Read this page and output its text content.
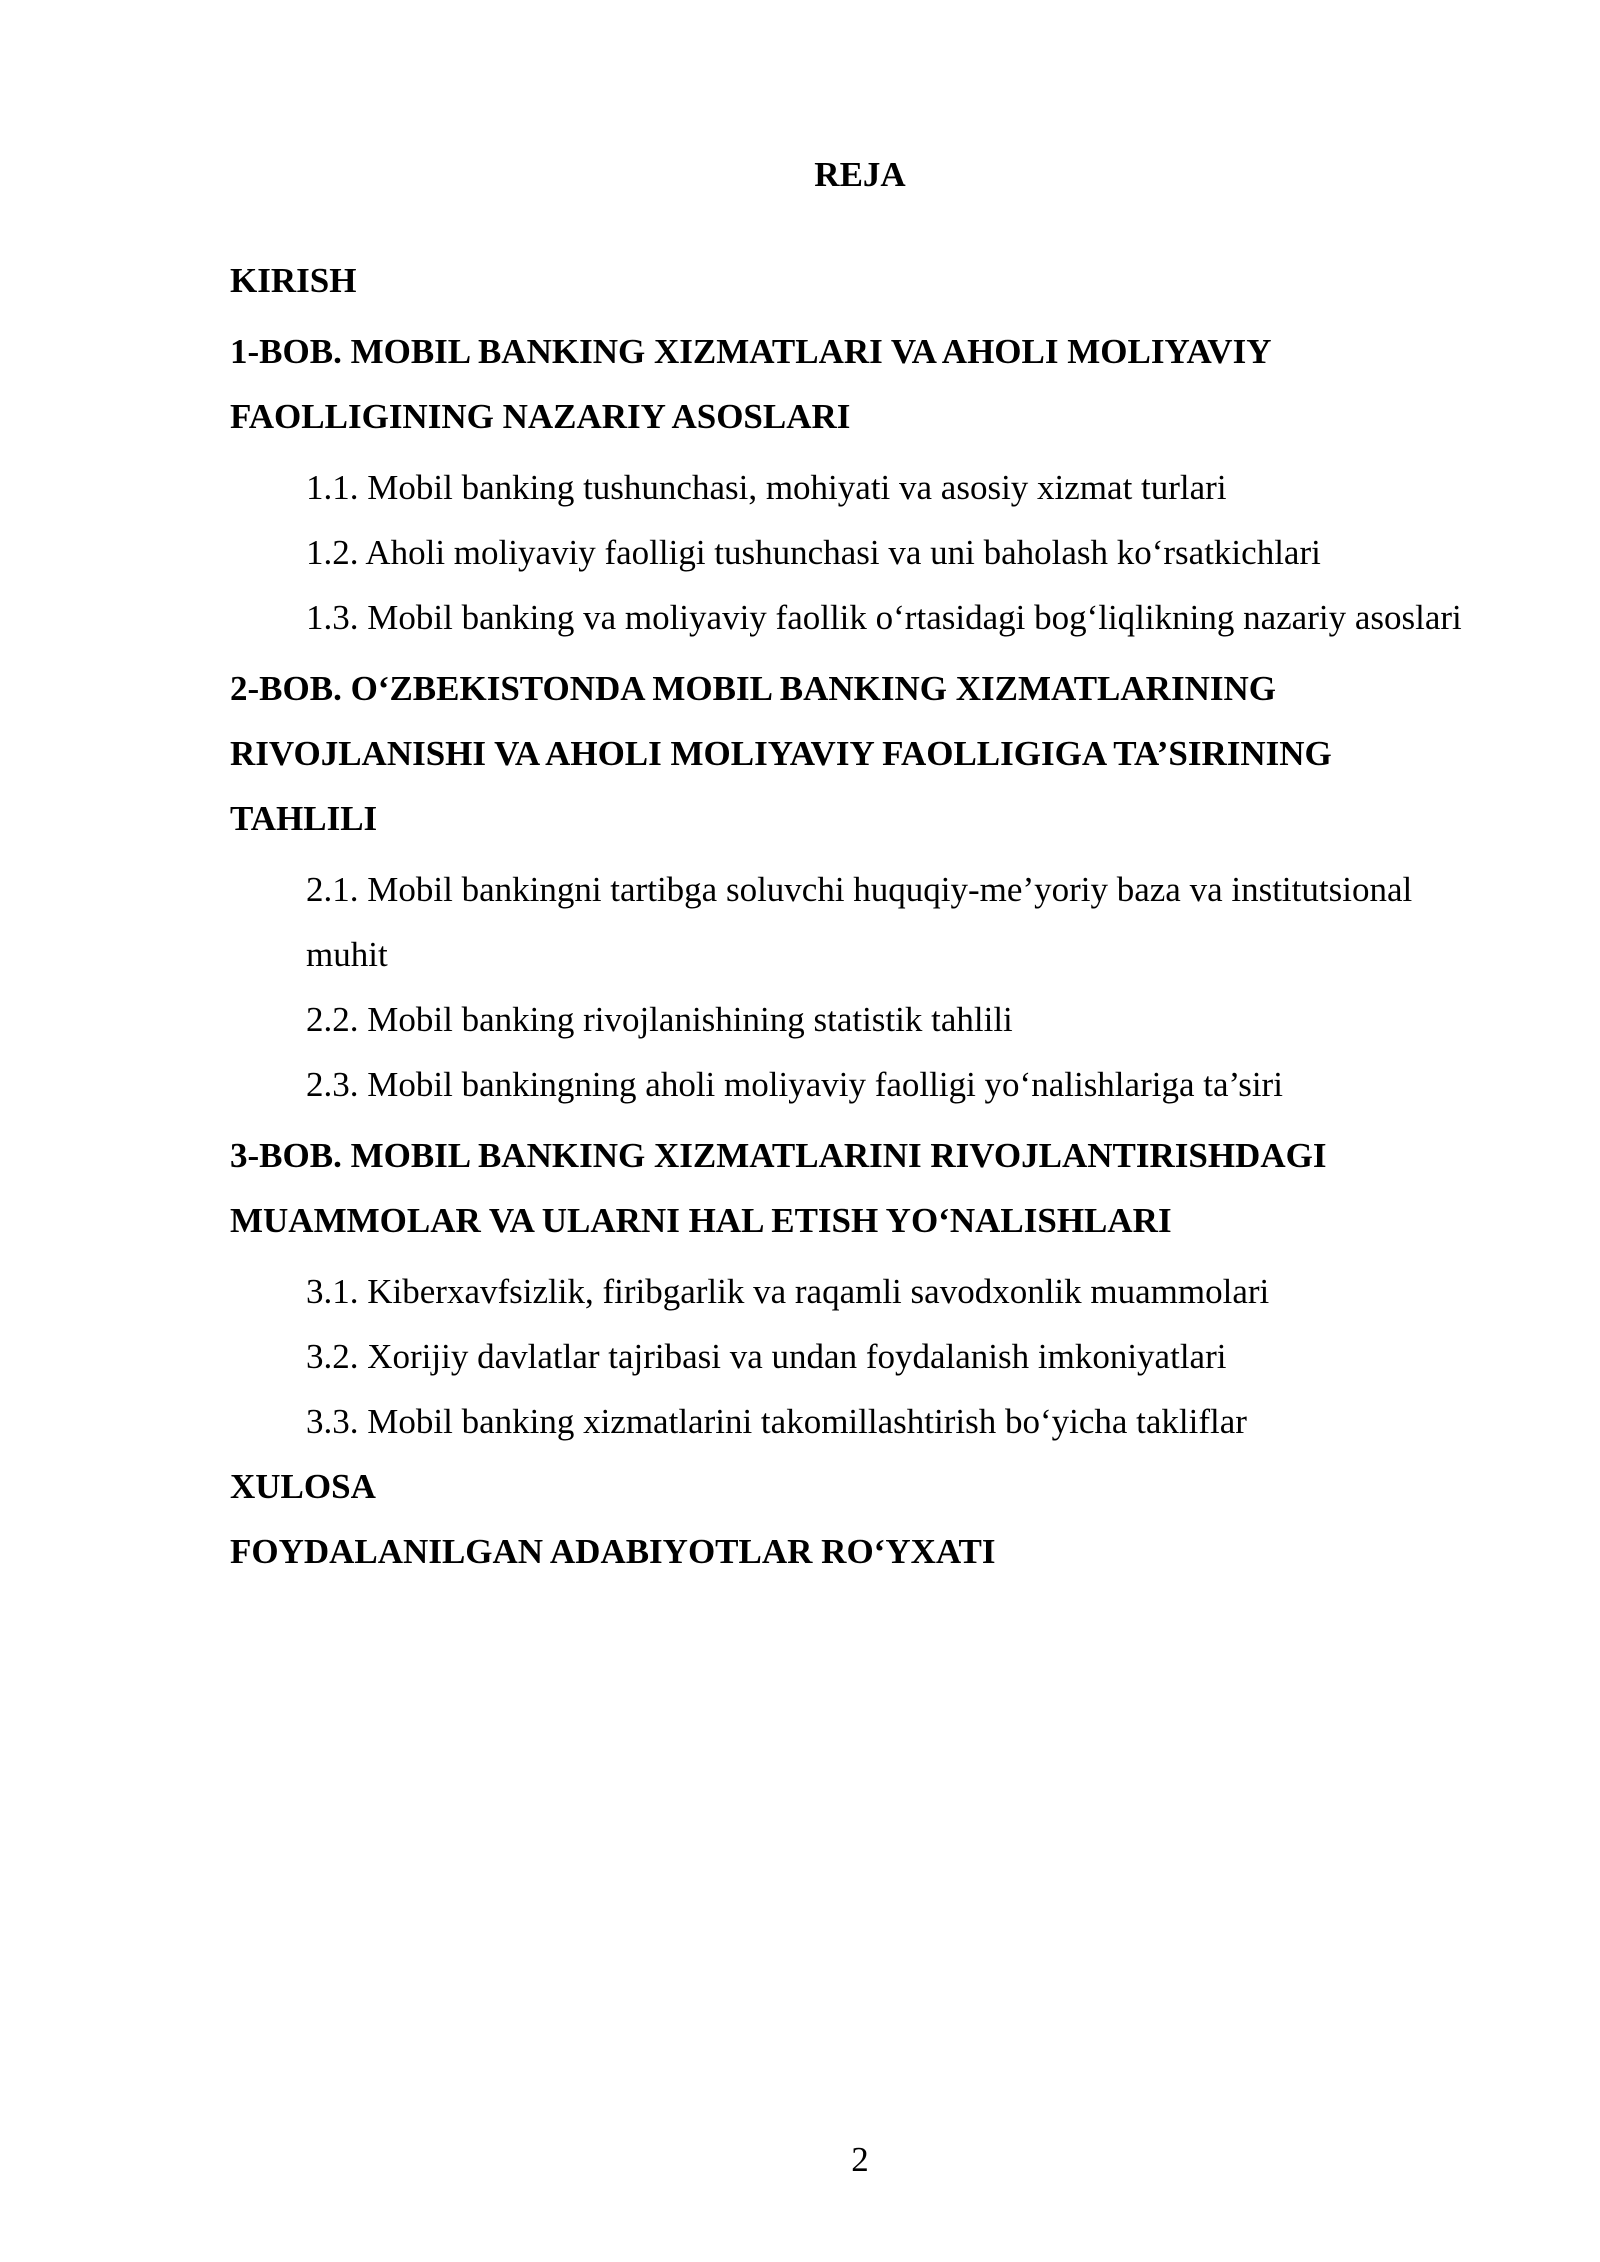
REJA
KIRISH
1-BOB. MOBIL BANKING XIZMATLARI VA AHOLI MOLIYAVIY FAOLLIGINING NAZARIY ASOSLARI
1.1. Mobil banking tushunchasi, mohiyati va asosiy xizmat turlari
1.2. Aholi moliyaviy faolligi tushunchasi va uni baholash ko‘rsatkichlari
1.3. Mobil banking va moliyaviy faollik o‘rtasidagi bog‘liqlikning nazariy asoslari
2-BOB. O‘ZBEKISTONDA MOBIL BANKING XIZMATLARINING RIVOJLANISHI VA AHOLI MOLIYAVIY FAOLLIGIGA TA’SIRINING TAHLILI
2.1. Mobil bankingni tartibga soluvchi huquqiy-me’yoriy baza va institutsional muhit
2.2. Mobil banking rivojlanishining statistik tahlili
2.3. Mobil bankingning aholi moliyaviy faolligi yo‘nalishlariga ta’siri
3-BOB. MOBIL BANKING XIZMATLARINI RIVOJLANTIRISHDAGI MUAMMOLAR VA ULARNI HAL ETISH YO‘NALISHLARI
3.1. Kiberxavfsizlik, firibgarlik va raqamli savodxonlik muammolari
3.2. Xorijiy davlatlar tajribasi va undan foydalanish imkoniyatlari
3.3. Mobil banking xizmatlarini takomillashtirish bo‘yicha takliflar
XULOSA
FOYDALANILGAN ADABIYOTLAR RO‘YXATI
2
